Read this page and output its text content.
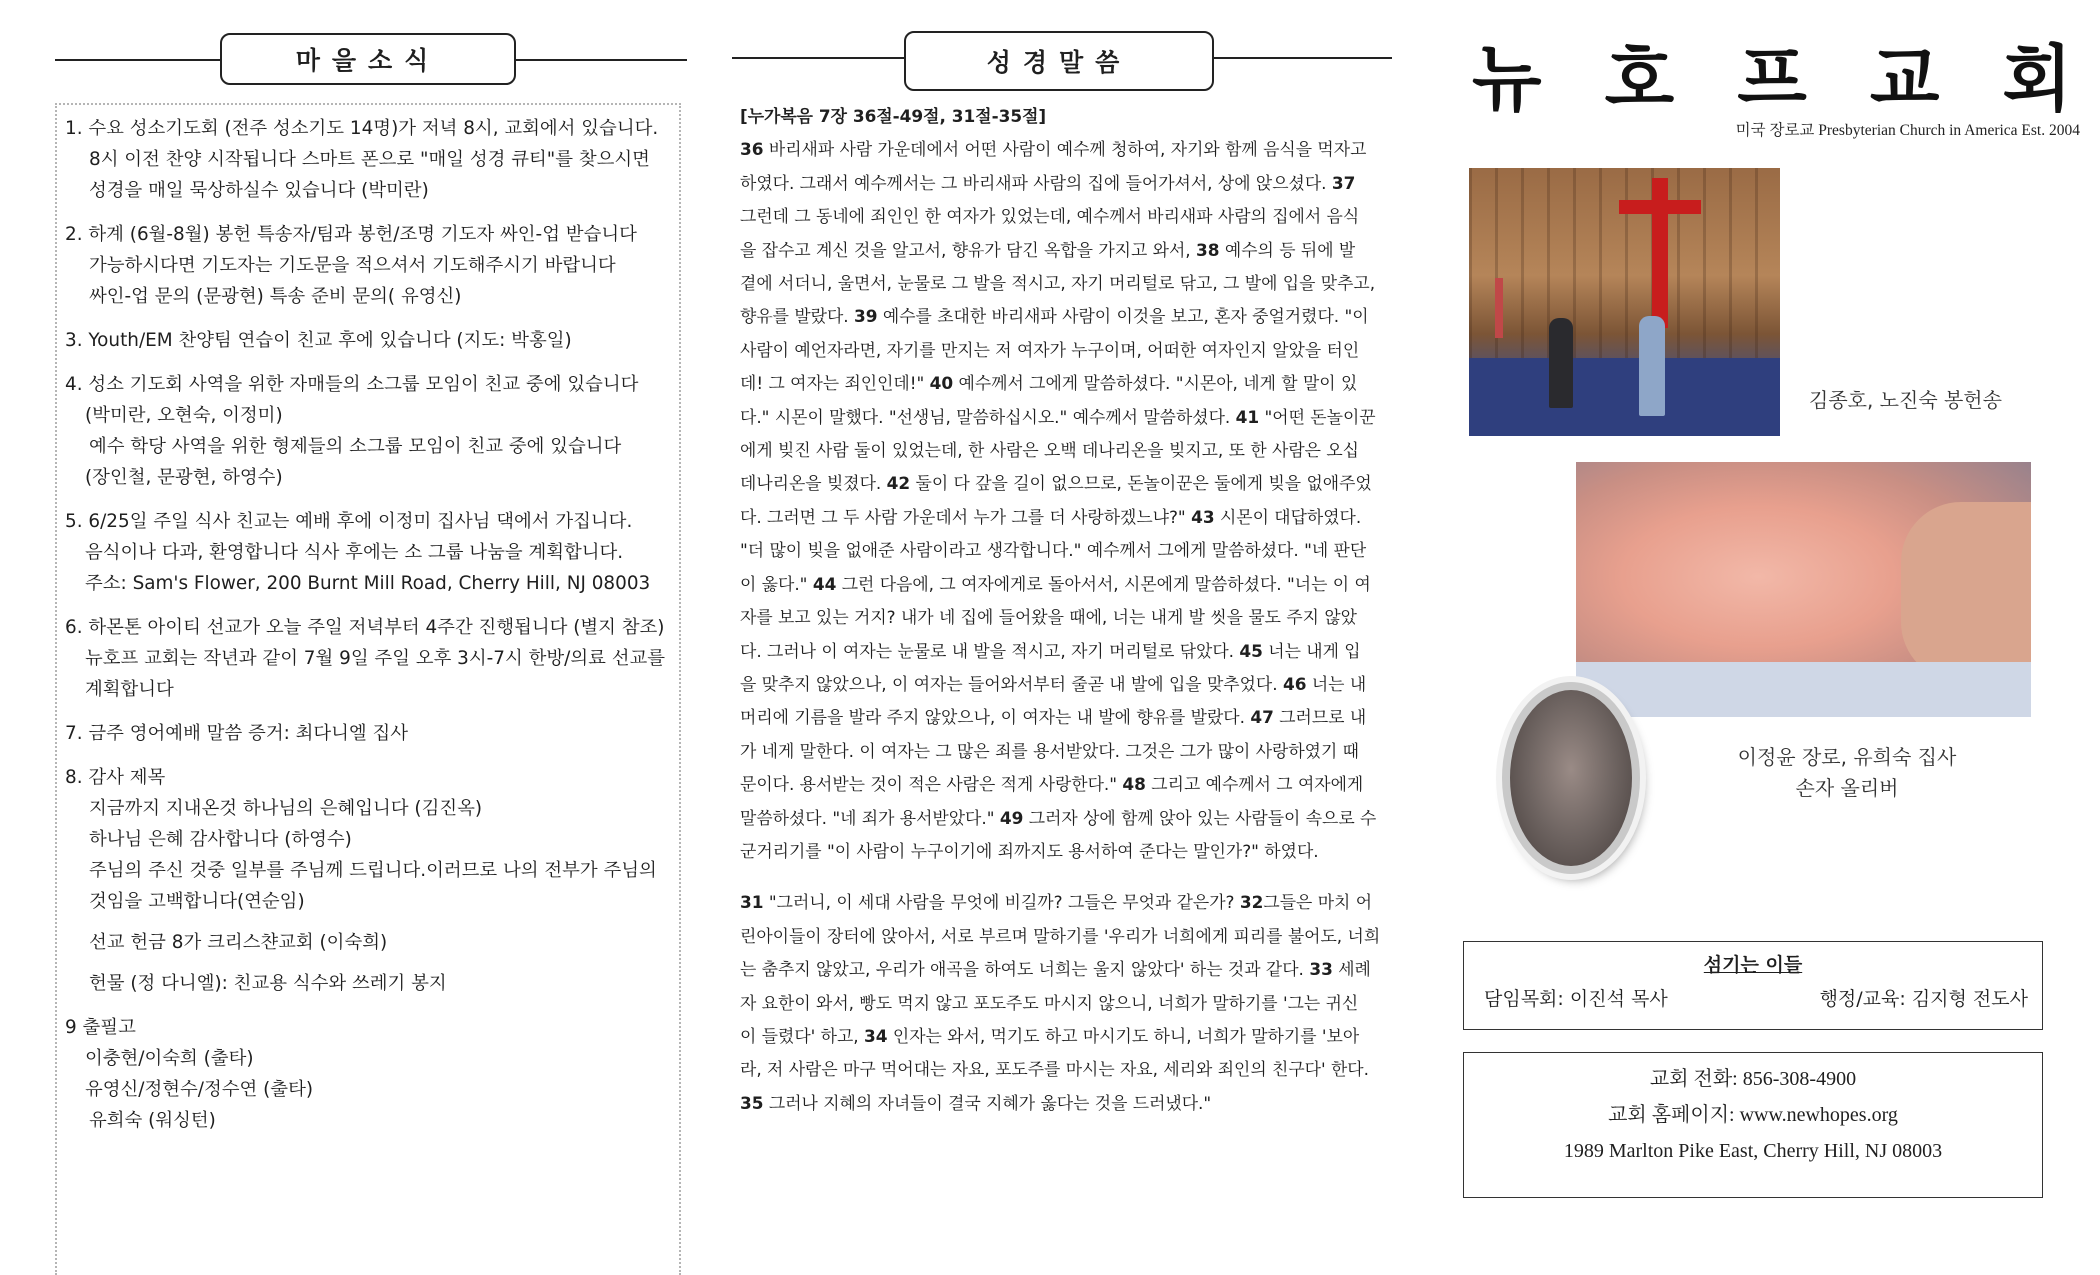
마을소식
1. 수요 성소기도회 (전주 성소기도 14명)가 저녁 8시, 교회에서 있습니다.
8시 이전 찬양 시작됩니다 스마트 폰으로 "매일 성경 큐티"를 찾으시면
성경을 매일 묵상하실수 있습니다 (박미란)
2. 하계 (6월-8월) 봉헌 특송자/팀과 봉헌/조명 기도자 싸인-업 받습니다
가능하시다면 기도자는 기도문을 적으셔서 기도해주시기 바랍니다
싸인-업 문의 (문광현) 특송 준비 문의( 유영신)
3. Youth/EM 찬양팀 연습이 친교 후에 있습니다 (지도: 박홍일)
4. 성소 기도회 사역을 위한 자매들의 소그룹 모임이 친교 중에 있습니다
(박미란, 오현숙, 이정미)
예수 학당 사역을 위한 형제들의 소그룹 모임이 친교 중에 있습니다
(장인철, 문광현, 하영수)
5. 6/25일 주일 식사 친교는 예배 후에 이정미 집사님 댁에서 가집니다.
음식이나 다과, 환영합니다 식사 후에는 소 그룹 나눔을 계획합니다.
주소: Sam's Flower, 200 Burnt Mill Road, Cherry Hill, NJ 08003
6. 하몬톤 아이티 선교가 오늘 주일 저녁부터 4주간 진행됩니다 (별지 참조)
뉴호프 교회는 작년과 같이 7월 9일 주일 오후 3시-7시 한방/의료 선교를
계획합니다
7. 금주 영어예배 말씀 증거: 최다니엘 집사
8. 감사 제목
지금까지 지내온것 하나님의 은혜입니다 (김진옥)
하나님 은혜 감사합니다 (하영수)
주님의 주신 것중 일부를 주님께 드립니다.이러므로 나의 전부가 주님의
것임을 고백합니다(연순임)
선교 헌금 8가 크리스챤교회 (이숙희)
헌물 (정 다니엘): 친교용 식수와 쓰레기 봉지
9 출필고
이충현/이숙희 (출타)
유영신/정현수/정수연 (출타)
유희숙 (워싱턴)
성경말씀
[누가복음 7장 36절-49절, 31절-35절]
36 바리새파 사람 가운데에서 어떤 사람이 예수께 청하여, 자기와 함께 음식을 먹자고
하였다. 그래서 예수께서는 그 바리새파 사람의 집에 들어가셔서, 상에 앉으셨다. 37
그런데 그 동네에 죄인인 한 여자가 있었는데, 예수께서 바리새파 사람의 집에서 음식
을 잡수고 계신 것을 알고서, 향유가 담긴 옥합을 가지고 와서, 38 예수의 등 뒤에 발
곁에 서더니, 울면서, 눈물로 그 발을 적시고, 자기 머리털로 닦고, 그 발에 입을 맞추고,
향유를 발랐다. 39 예수를 초대한 바리새파 사람이 이것을 보고, 혼자 중얼거렸다. "이
사람이 예언자라면, 자기를 만지는 저 여자가 누구이며, 어떠한 여자인지 알았을 터인
데! 그 여자는 죄인인데!" 40 예수께서 그에게 말씀하셨다. "시몬아, 네게 할 말이 있
다." 시몬이 말했다. "선생님, 말씀하십시오." 예수께서 말씀하셨다. 41 "어떤 돈놀이꾼
에게 빚진 사람 둘이 있었는데, 한 사람은 오백 데나리온을 빚지고, 또 한 사람은 오십
데나리온을 빚졌다. 42 둘이 다 갚을 길이 없으므로, 돈놀이꾼은 둘에게 빚을 없애주었
다. 그러면 그 두 사람 가운데서 누가 그를 더 사랑하겠느냐?" 43 시몬이 대답하였다.
"더 많이 빚을 없애준 사람이라고 생각합니다." 예수께서 그에게 말씀하셨다. "네 판단
이 옳다." 44 그런 다음에, 그 여자에게로 돌아서서, 시몬에게 말씀하셨다. "너는 이 여
자를 보고 있는 거지? 내가 네 집에 들어왔을 때에, 너는 내게 발 씻을 물도 주지 않았
다. 그러나 이 여자는 눈물로 내 발을 적시고, 자기 머리털로 닦았다. 45 너는 내게 입
을 맞추지 않았으나, 이 여자는 들어와서부터 줄곧 내 발에 입을 맞추었다. 46 너는 내
머리에 기름을 발라 주지 않았으나, 이 여자는 내 발에 향유를 발랐다. 47 그러므로 내
가 네게 말한다. 이 여자는 그 많은 죄를 용서받았다. 그것은 그가 많이 사랑하였기 때
문이다. 용서받는 것이 적은 사람은 적게 사랑한다." 48 그리고 예수께서 그 여자에게
말씀하셨다. "네 죄가 용서받았다." 49 그러자 상에 함께 앉아 있는 사람들이 속으로 수
군거리기를 "이 사람이 누구이기에 죄까지도 용서하여 준다는 말인가?" 하였다.
31 "그러니, 이 세대 사람을 무엇에 비길까? 그들은 무엇과 같은가? 32그들은 마치 어
린아이들이 장터에 앉아서, 서로 부르며 말하기를 '우리가 너희에게 피리를 불어도, 너희
는 춤추지 않았고, 우리가 애곡을 하여도 너희는 울지 않았다' 하는 것과 같다. 33 세례
자 요한이 와서, 빵도 먹지 않고 포도주도 마시지 않으니, 너희가 말하기를 '그는 귀신
이 들렸다' 하고, 34 인자는 와서, 먹기도 하고 마시기도 하니, 너희가 말하기를 '보아
라, 저 사람은 마구 먹어대는 자요, 포도주를 마시는 자요, 세리와 죄인의 친구다' 한다.
35 그러나 지혜의 자녀들이 결국 지혜가 옳다는 것을 드러냈다."
뉴 호 프 교 회
미국 장로교 Presbyterian Church in America Est. 2004
김종호, 노진숙 봉헌송
이정윤 장로, 유희숙 집사
손자 올리버
섬기는 이들
담임목회: 이진석 목사	행정/교육: 김지형 전도사
교회 전화: 856-308-4900
교회 홈페이지: www.newhopes.org
1989 Marlton Pike East, Cherry Hill, NJ 08003
